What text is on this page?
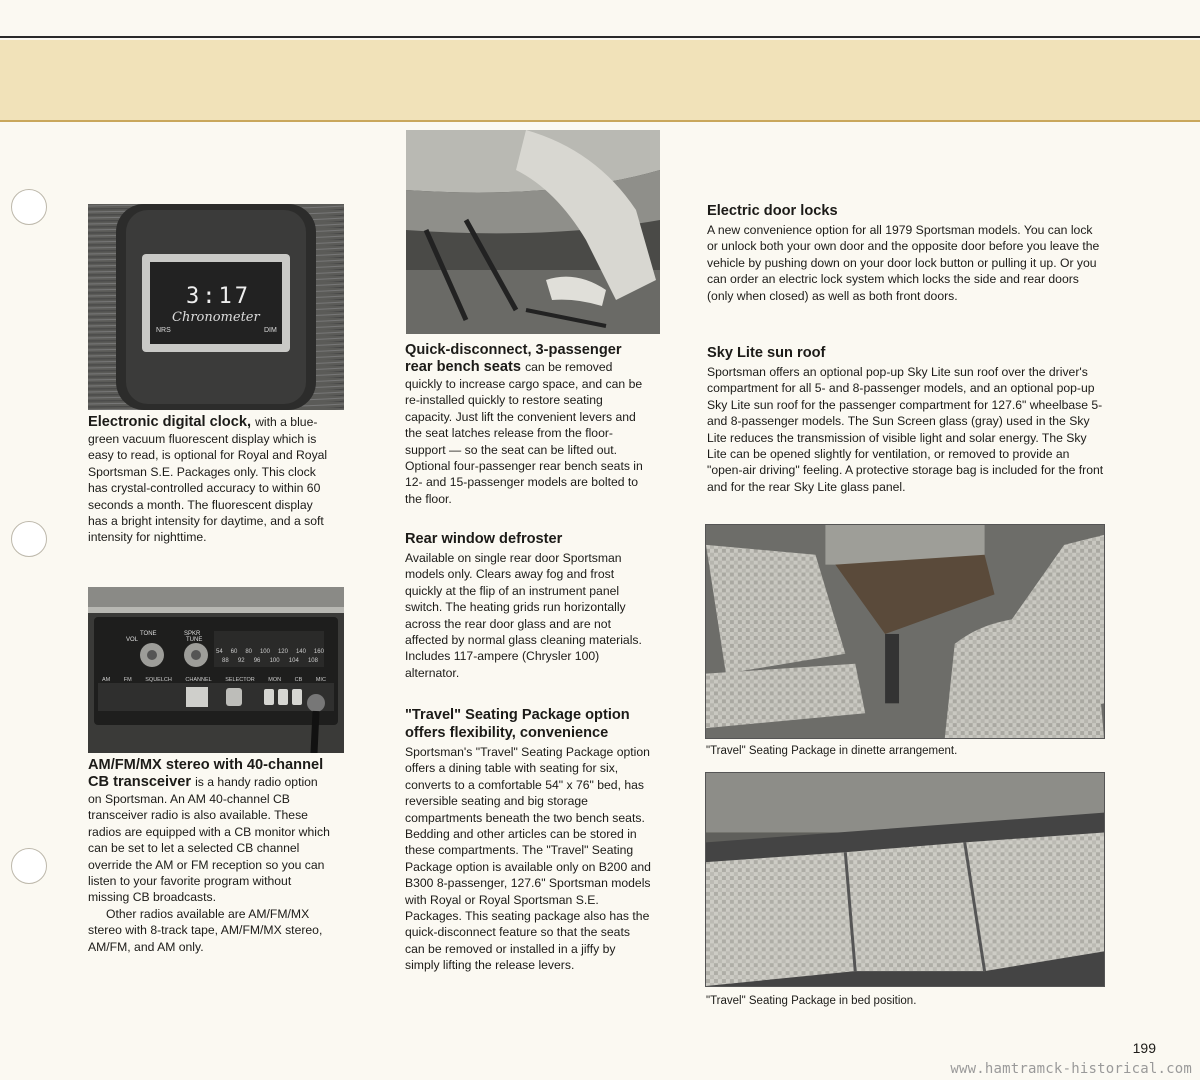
3:17
Chronometer
NRS	DIM
Electronic digital clock, with a blue-green vacuum fluorescent display which is easy to read, is optional for Royal and Royal Sportsman S.E. Packages only. This clock has crystal-controlled accuracy to within 60 seconds a month. The fluorescent display has a bright intensity for daytime, and a soft intensity for nighttime.
TONE
VOL
SPKR
TUNE
54 60 80 100 120 140 160
88 92 96 100 104 108
AM FM SQUELCH CHANNEL SELECTOR MON CB MIC
AM/FM/MX stereo with 40-channel CB transceiver is a handy radio option on Sportsman. An AM 40-channel CB transceiver radio is also available. These radios are equipped with a CB monitor which can be set to let a selected CB channel override the AM or FM reception so you can listen to your favorite program without missing CB broadcasts.
Other radios available are AM/FM/MX stereo with 8-track tape, AM/FM/MX stereo, AM/FM, and AM only.
Quick-disconnect, 3-passenger rear bench seats can be removed quickly to increase cargo space, and can be re-installed quickly to restore seating capacity. Just lift the convenient levers and the seat latches release from the floor-support — so the seat can be lifted out. Optional four-passenger rear bench seats in 12- and 15-passenger models are bolted to the floor.
Rear window defroster
Available on single rear door Sportsman models only. Clears away fog and frost quickly at the flip of an instrument panel switch. The heating grids run horizontally across the rear door glass and are not affected by normal glass cleaning materials. Includes 117-ampere (Chrysler 100) alternator.
"Travel" Seating Package option offers flexibility, convenience
Sportsman's "Travel" Seating Package option offers a dining table with seating for six, converts to a comfortable 54" x 76" bed, has reversible seating and big storage compartments beneath the two bench seats. Bedding and other articles can be stored in these compartments. The "Travel" Seating Package option is available only on B200 and B300 8-passenger, 127.6" Sportsman models with Royal or Royal Sportsman S.E. Packages. This seating package also has the quick-disconnect feature so that the seats can be removed or installed in a jiffy by simply lifting the release levers.
Electric door locks
A new convenience option for all 1979 Sportsman models. You can lock or unlock both your own door and the opposite door before you leave the vehicle by pushing down on your door lock button or pulling it up. Or you can order an electric lock system which locks the side and rear doors (only when closed) as well as both front doors.
Sky Lite sun roof
Sportsman offers an optional pop-up Sky Lite sun roof over the driver's compartment for all 5- and 8-passenger models, and an optional pop-up Sky Lite sun roof for the passenger compartment for 127.6" wheelbase 5- and 8-passenger models. The Sun Screen glass (gray) used in the Sky Lite reduces the transmission of visible light and solar energy. The Sky Lite can be opened slightly for ventilation, or removed to provide an "open-air driving" feeling. A protective storage bag is included for the front and for the rear Sky Lite glass panel.
"Travel" Seating Package in dinette arrangement.
"Travel" Seating Package in bed position.
199
www.hamtramck-historical.com
